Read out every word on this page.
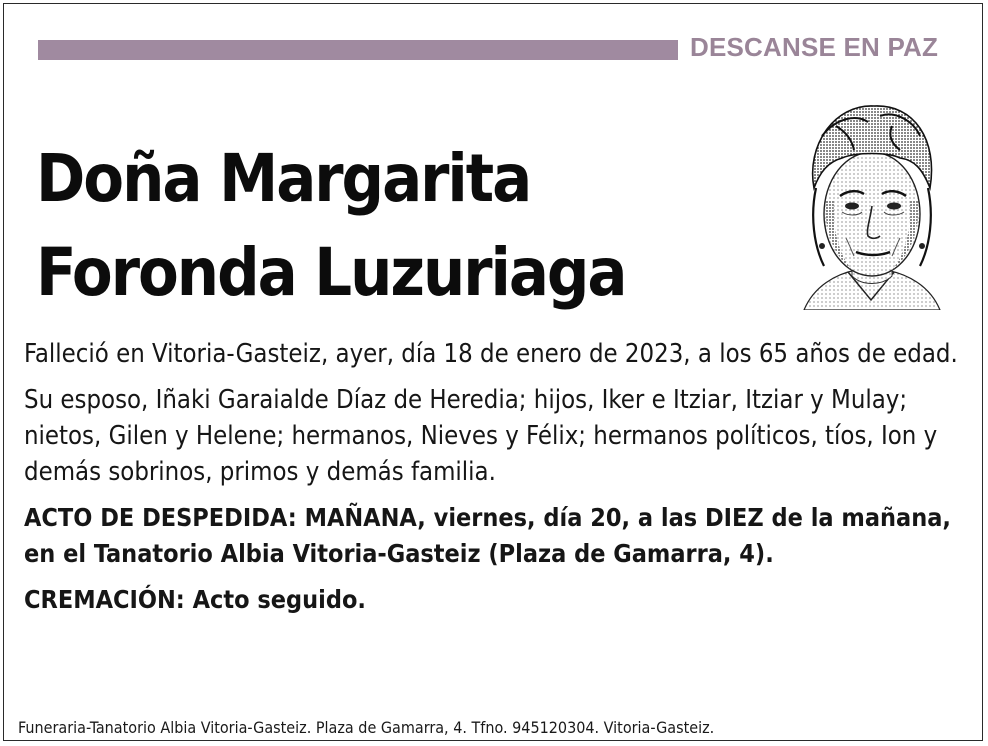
DESCANSE EN PAZ
Doña Margarita
Foronda Luzuriaga

Falleció en Vitoria-Gasteiz, ayer, día 18 de enero de 2023, a los 65 años de edad.

Su esposo, Iñaki Garaialde Díaz de Heredia; hijos, Iker e Itziar, Itziar y Mulay; nietos, Gilen y Helene; hermanos, Nieves y Félix; hermanos políticos, tíos, Ion y demás sobrinos, primos y demás familia.

ACTO DE DESPEDIDA: MAÑANA, viernes, día 20, a las DIEZ de la mañana, en el Tanatorio Albia Vitoria-Gasteiz (Plaza de Gamarra, 4).

CREMACIÓN: Acto seguido.

Funeraria-Tanatorio Albia Vitoria-Gasteiz. Plaza de Gamarra, 4. Tfno. 945120304. Vitoria-Gasteiz.
